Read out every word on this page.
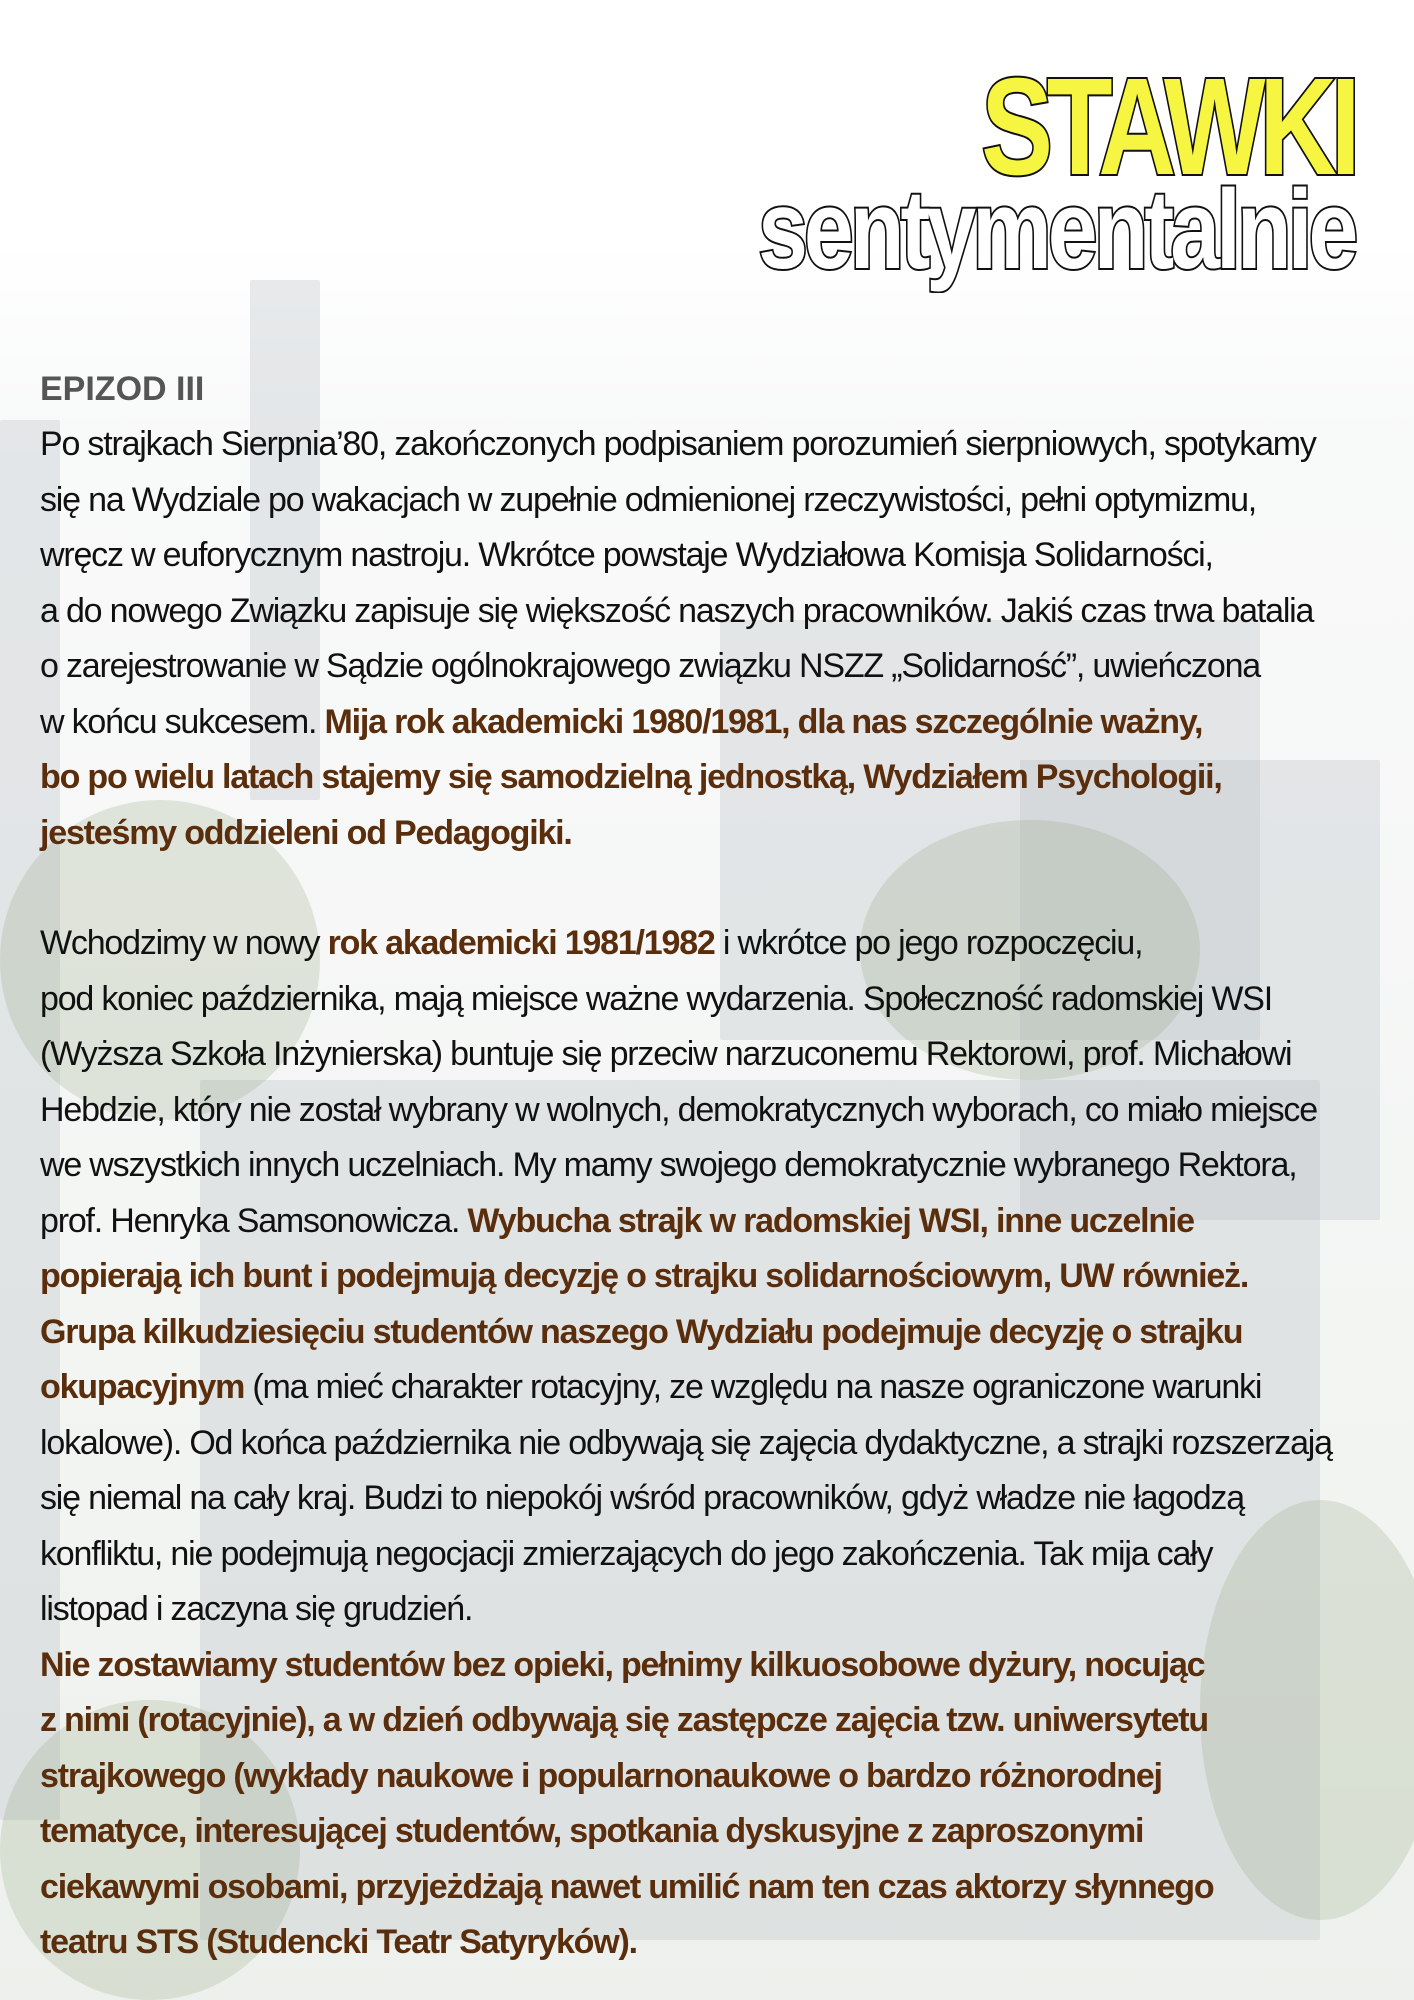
STAWKI
sentymentalnie
EPIZOD III
Po strajkach Sierpnia’80, zakończonych podpisaniem porozumień sierpniowych, spotykamy
się na Wydziale po wakacjach w zupełnie odmienionej rzeczywistości, pełni optymizmu,
wręcz w euforycznym nastroju. Wkrótce powstaje Wydziałowa Komisja Solidarności,
a do nowego Związku zapisuje się większość naszych pracowników. Jakiś czas trwa batalia
o zarejestrowanie w Sądzie ogólnokrajowego związku NSZZ „Solidarność”, uwieńczona
w końcu sukcesem. Mija rok akademicki 1980/1981, dla nas szczególnie ważny,
bo po wielu latach stajemy się samodzielną jednostką, Wydziałem Psychologii,
jesteśmy oddzieleni od Pedagogiki.
Wchodzimy w nowy rok akademicki 1981/1982 i wkrótce po jego rozpoczęciu,
pod koniec października, mają miejsce ważne wydarzenia. Społeczność radomskiej WSI
(Wyższa Szkoła Inżynierska) buntuje się przeciw narzuconemu Rektorowi, prof. Michałowi
Hebdzie, który nie został wybrany w wolnych, demokratycznych wyborach, co miało miejsce
we wszystkich innych uczelniach. My mamy swojego demokratycznie wybranego Rektora,
prof. Henryka Samsonowicza. Wybucha strajk w radomskiej WSI, inne uczelnie
popierają ich bunt i podejmują decyzję o strajku solidarnościowym, UW również.
Grupa kilkudziesięciu studentów naszego Wydziału podejmuje decyzję o strajku
okupacyjnym (ma mieć charakter rotacyjny, ze względu na nasze ograniczone warunki
lokalowe). Od końca października nie odbywają się zajęcia dydaktyczne, a strajki rozszerzają
się niemal na cały kraj. Budzi to niepokój wśród pracowników, gdyż władze nie łagodzą
konfliktu, nie podejmują negocjacji zmierzających do jego zakończenia. Tak mija cały
listopad i zaczyna się grudzień.
Nie zostawiamy studentów bez opieki, pełnimy kilkuosobowe dyżury, nocując
z nimi (rotacyjnie), a w dzień odbywają się zastępcze zajęcia tzw. uniwersytetu
strajkowego (wykłady naukowe i popularnonaukowe o bardzo różnorodnej
tematyce, interesującej studentów, spotkania dyskusyjne z zaproszonymi
ciekawymi osobami, przyjeżdżają nawet umilić nam ten czas aktorzy słynnego
teatru STS (Studencki Teatr Satyryków).
